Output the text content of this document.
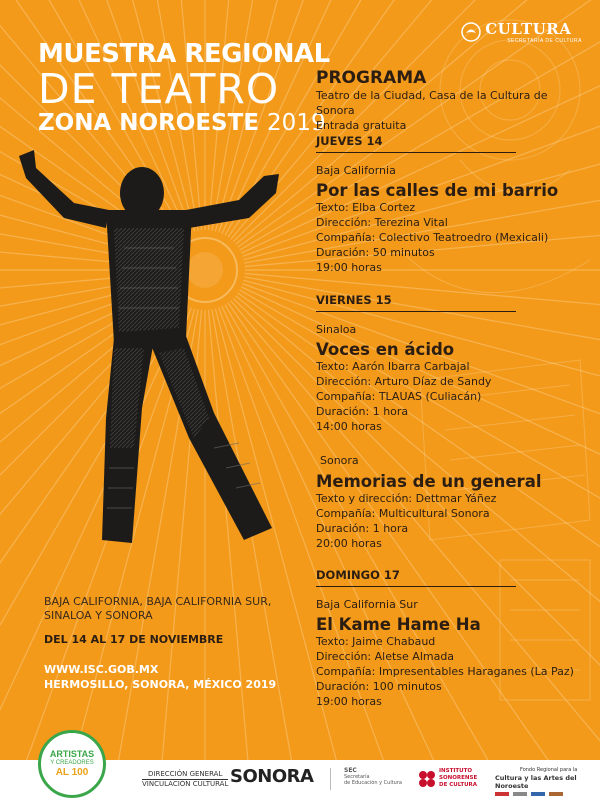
MUESTRA REGIONAL
DE TEATRO
ZONA NOROESTE 2019
CULTURA
SECRETARÍA DE CULTURA
BAJA CALIFORNIA, BAJA CALIFORNIA SUR,
SINALOA Y SONORA
DEL 14 AL 17 DE NOVIEMBRE
WWW.ISC.GOB.MX
HERMOSILLO, SONORA, MÉXICO 2019
PROGRAMA
Teatro de la Ciudad, Casa de la Cultura de Sonora
Entrada gratuita
JUEVES 14
Baja California
Por las calles de mi barrio
Texto: Elba Cortez
Dirección: Terezina Vital
Compañía: Colectivo Teatroedro (Mexicali)
Duración: 50 minutos
19:00 horas
VIERNES 15
Sinaloa
Voces en ácido
Texto: Aarón Ibarra Carbajal
Dirección: Arturo Díaz de Sandy
Compañía: TLAUAS (Culiacán)
Duración: 1 hora
14:00 horas
Sonora
Memorias de un general
Texto y dirección: Dettmar Yáñez
Compañía: Multicultural Sonora
Duración: 1 hora
20:00 horas
DOMINGO 17
Baja California Sur
El Kame Hame Ha
Texto: Jaime Chabaud
Dirección: Aletse Almada
Compañía: Impresentables Haraganes (La Paz)
Duración: 100 minutos
19:00 horas
ARTISTAS
Y CREADORES
AL 100	DIRECCIÓN GENERAL
VINCULACIÓN CULTURAL SONORA	SEC
Secretaría
de Educación y Cultura
INSTITUTO
SONORENSE
DE CULTURA
Fondo Regional para la
Cultura y las Artes del Noroeste
